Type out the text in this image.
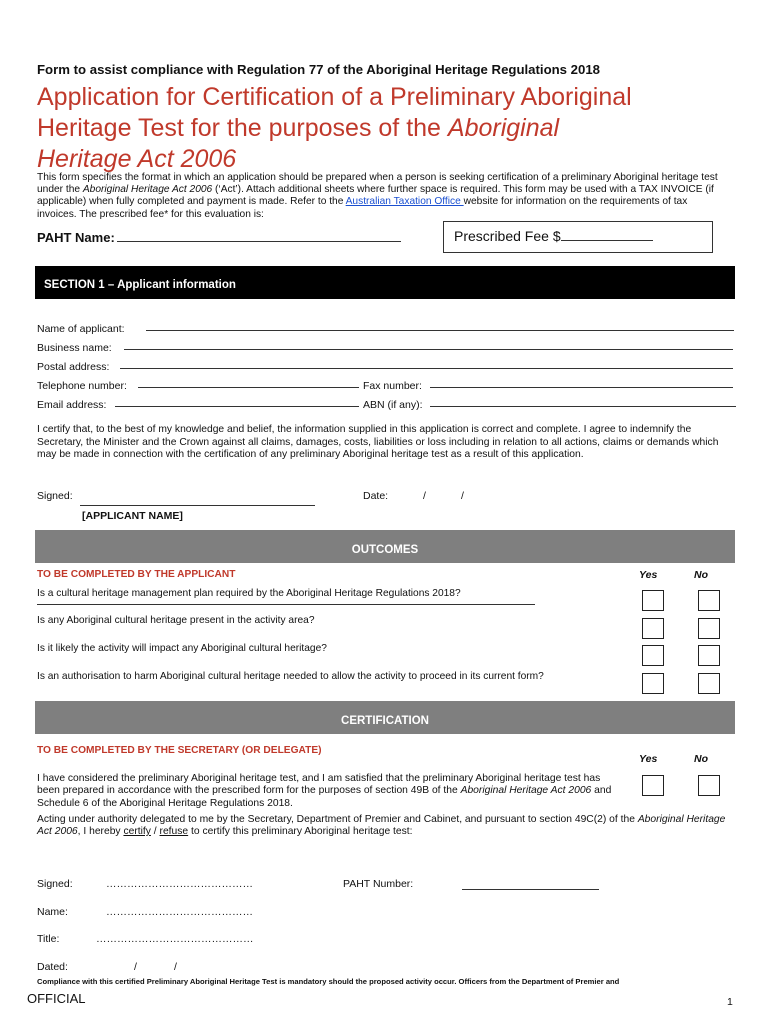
Form to assist compliance with Regulation 77 of the Aboriginal Heritage Regulations 2018
Application for Certification of a Preliminary Aboriginal
Heritage Test for the purposes of the Aboriginal
Heritage Act 2006
This form specifies the format in which an application should be prepared when a person is seeking certification of a preliminary Aboriginal heritage test under the Aboriginal Heritage Act 2006 (‘Act’). Attach additional sheets where further space is required. This form may be used with a TAX INVOICE (if applicable) when fully completed and payment is made. Refer to the Australian Taxation Office website for information on the requirements of tax invoices. The prescribed fee* for this evaluation is:
PAHT Name:	Prescribed Fee $
SECTION 1 – Applicant information
Name of applicant:
Business name:
Postal address:
Telephone number:	Fax number:
Email address:	ABN (if any):
I certify that, to the best of my knowledge and belief, the information supplied in this application is correct and complete. I agree to indemnify the Secretary, the Minister and the Crown against all claims, damages, costs, liabilities or loss including in relation to all actions, claims or demands which may be made in connection with the certification of any preliminary Aboriginal heritage test as a result of this application.
Signed:	Date:	/	/
[APPLICANT NAME]
OUTCOMES
TO BE COMPLETED BY THE APPLICANT	Yes	No
Is a cultural heritage management plan required by the Aboriginal Heritage Regulations 2018?
Is any Aboriginal cultural heritage present in the activity area?
Is it likely the activity will impact any Aboriginal cultural heritage?
Is an authorisation to harm Aboriginal cultural heritage needed to allow the activity to proceed in its current form?
CERTIFICATION
TO BE COMPLETED BY THE SECRETARY (OR DELEGATE)
Yes	No
I have considered the preliminary Aboriginal heritage test, and I am satisfied that the preliminary Aboriginal heritage test has been prepared in accordance with the prescribed form for the purposes of section 49B of the Aboriginal Heritage Act 2006 and Schedule 6 of the Aboriginal Heritage Regulations 2018.
Acting under authority delegated to me by the Secretary, Department of Premier and Cabinet, and pursuant to section 49C(2) of the Aboriginal Heritage Act 2006, I hereby certify / refuse to certify this preliminary Aboriginal heritage test:
Signed:	……………………………………	PAHT Number:
Name:	……………………………………
Title:	………………………………………
Dated:	/	/
Compliance with this certified Preliminary Aboriginal Heritage Test is mandatory should the proposed activity occur. Officers from the Department of Premier and
OFFICIAL	1
